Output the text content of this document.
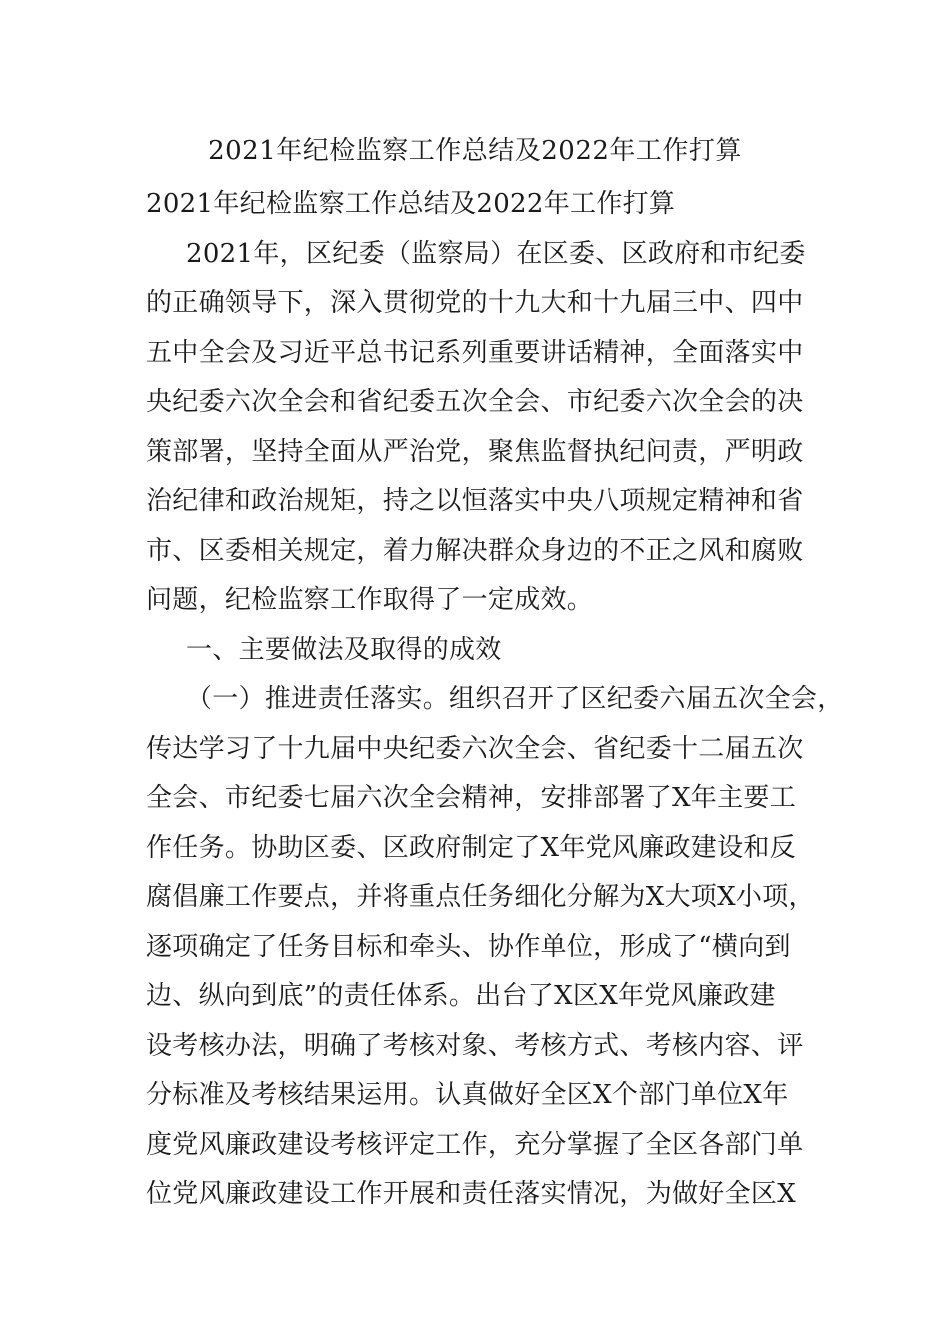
2021年纪检监察工作总结及2022年工作打算
2021年纪检监察工作总结及2022年工作打算
2021年，区纪委（监察局）在区委、区政府和市纪委
的正确领导下，深入贯彻党的十九大和十九届三中、四中
五中全会及习近平总书记系列重要讲话精神，全面落实中
央纪委六次全会和省纪委五次全会、市纪委六次全会的决
策部署，坚持全面从严治党，聚焦监督执纪问责，严明政
治纪律和政治规矩，持之以恒落实中央八项规定精神和省
市、区委相关规定，着力解决群众身边的不正之风和腐败
问题，纪检监察工作取得了一定成效。
一、主要做法及取得的成效
（一）推进责任落实。组织召开了区纪委六届五次全会，
传达学习了十九届中央纪委六次全会、省纪委十二届五次
全会、市纪委七届六次全会精神，安排部署了X年主要工
作任务。协助区委、区政府制定了X年党风廉政建设和反
腐倡廉工作要点，并将重点任务细化分解为X大项X小项，
逐项确定了任务目标和牵头、协作单位，形成了“横向到
边、纵向到底”的责任体系。出台了X区X年党风廉政建
设考核办法，明确了考核对象、考核方式、考核内容、评
分标准及考核结果运用。认真做好全区X个部门单位X年
度党风廉政建设考核评定工作，充分掌握了全区各部门单
位党风廉政建设工作开展和责任落实情况，为做好全区X
